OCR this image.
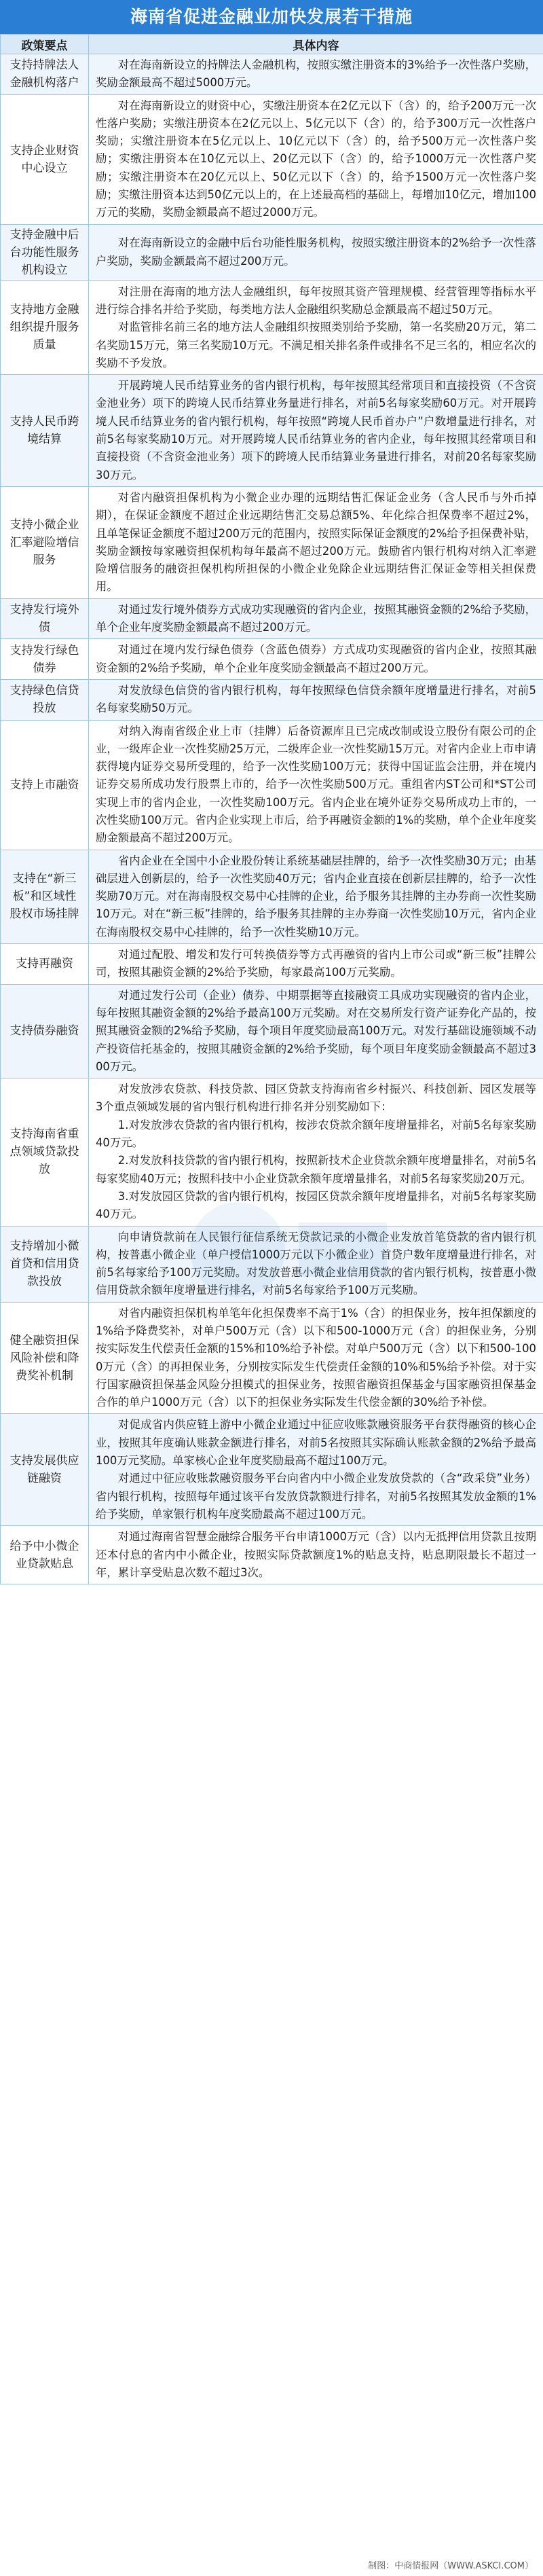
海南省促进金融业加快发展若干措施
政策要点	具体内容
支持持牌法人金融机构落户	对在海南新设立的持牌法人金融机构，按照实缴注册资本的3%给予一次性落户奖励，奖励金额最高不超过5000万元。

支持企业财资中心设立	对在海南新设立的财资中心，实缴注册资本在2亿元以下（含）的，给予200万元一次性落户奖励；实缴注册资本在2亿元以上、5亿元以下（含）的，给予300万元一次性落户奖励；实缴注册资本在5亿元以上、10亿元以下（含）的，给予500万元一次性落户奖励；实缴注册资本在10亿元以上、20亿元以下（含）的，给予1000万元一次性落户奖励；实缴注册资本在20亿元以上、50亿元以下（含）的，给予1500万元一次性落户奖励；实缴注册资本达到50亿元以上的，在上述最高档的基础上，每增加10亿元，增加100万元的奖励，奖励金额最高不超过2000万元。

支持金融中后台功能性服务机构设立	对在海南新设立的金融中后台功能性服务机构，按照实缴注册资本的2%给予一次性落户奖励，奖励金额最高不超过200万元。

支持地方金融组织提升服务质量	对注册在海南的地方法人金融组织，每年按照其资产管理规模、经营管理等指标水平进行综合排名并给予奖励，每类地方法人金融组织奖励总金额最高不超过50万元。
对监管排名前三名的地方法人金融组织按照类别给予奖励，第一名奖励20万元，第二名奖励15万元，第三名奖励10万元。不满足相关排名条件或排名不足三名的，相应名次的奖励不予发放。

支持人民币跨境结算	开展跨境人民币结算业务的省内银行机构，每年按照其经常项目和直接投资（不含资金池业务）项下的跨境人民币结算业务量进行排名，对前5名每家奖励60万元。对开展跨境人民币结算业务的省内银行机构，每年按照“跨境人民币首办户”户数增量进行排名，对前5名每家奖励10万元。对开展跨境人民币结算业务的省内企业，每年按照其经常项目和直接投资（不含资金池业务）项下的跨境人民币结算业务量进行排名，对前20名每家奖励30万元。

支持小微企业汇率避险增信服务	对省内融资担保机构为小微企业办理的远期结售汇保证金业务（含人民币与外币掉期），在保证金额度不超过企业远期结售汇交易总额5%、年化综合担保费率不超过2%，且单笔保证金额度不超过200万元的范围内，按照实际保证金额度的2%给予担保费补贴，奖励金额按每家融资担保机构每年最高不超过200万元。鼓励省内银行机构对纳入汇率避险增信服务的融资担保机构所担保的小微企业免除企业远期结售汇保证金等相关担保费用。

支持发行境外债	对通过发行境外债券方式成功实现融资的省内企业，按照其融资金额的2%给予奖励，单个企业年度奖励金额最高不超过200万元。

支持发行绿色债券	对通过在境内发行绿色债券（含蓝色债券）方式成功实现融资的省内企业，按照其融资金额的2%给予奖励，单个企业年度奖励金额最高不超过200万元。

支持绿色信贷投放	对发放绿色信贷的省内银行机构，每年按照绿色信贷余额年度增量进行排名，对前5名每家奖励50万元。

支持上市融资	对纳入海南省级企业上市（挂牌）后备资源库且已完成改制或设立股份有限公司的企业，一级库企业一次性奖励25万元，二级库企业一次性奖励15万元。对省内企业上市申请获得境内证券交易所受理的，给予一次性奖励100万元；获得中国证监会注册，并在境内证券交易所成功发行股票上市的，给予一次性奖励500万元。重组省内ST公司和*ST公司实现上市的省内企业，一次性奖励100万元。省内企业在境外证券交易所成功上市的，一次性奖励100万元。省内企业实现上市后，给予再融资金额的1%的奖励，单个企业年度奖励金额最高不超过200万元。

支持在“新三板”和区域性股权市场挂牌	省内企业在全国中小企业股份转让系统基础层挂牌的，给予一次性奖励30万元；由基础层进入创新层的，给予一次性奖励40万元；省内企业直接在创新层挂牌的，给予一次性奖励70万元。对在海南股权交易中心挂牌的企业，给予服务其挂牌的主办券商一次性奖励10万元。对在“新三板”挂牌的，给予服务其挂牌的主办券商一次性奖励10万元，省内企业在海南股权交易中心挂牌的，给予一次性奖励10万元。

支持再融资	对通过配股、增发和发行可转换债券等方式再融资的省内上市公司或“新三板”挂牌公司，按照其融资金额的2%给予奖励，每家最高100万元奖励。

支持债券融资	对通过发行公司（企业）债券、中期票据等直接融资工具成功实现融资的省内企业，每年按照其融资金额的2%给予最高100万元奖励。对在交易所发行资产证券化产品的，按照其融资金额的2%给予奖励，每个项目年度奖励最高100万元。对发行基础设施领域不动产投资信托基金的，按照其融资金额的2%给予奖励，每个项目年度奖励金额最高不超过300万元。

支持海南省重点领域贷款投放	对发放涉农贷款、科技贷款、园区贷款支持海南省乡村振兴、科技创新、园区发展等3个重点领域发展的省内银行机构进行排名并分别奖励如下：
1.对发放涉农贷款的省内银行机构，按涉农贷款余额年度增量排名，对前5名每家奖励40万元。
2.对发放科技贷款的省内银行机构，按照新技术企业贷款余额年度增量排名，对前5名每家奖励40万元；按照科技中小企业贷款余额年度增量排名，对前5名每家奖励20万元。
3.对发放园区贷款的省内银行机构，按园区贷款余额年度增量排名，对前5名每家奖励40万元。

支持增加小微首贷和信用贷款投放	向申请贷款前在人民银行征信系统无贷款记录的小微企业发放首笔贷款的省内银行机构，按普惠小微企业（单户授信1000万元以下小微企业）首贷户数年度增量进行排名，对前5名每家给予100万元奖励。对发放普惠小微企业信用贷款的省内银行机构，按普惠小微信用贷款余额年度增量进行排名，对前5名每家给予100万元奖励。

健全融资担保风险补偿和降费奖补机制	对省内融资担保机构单笔年化担保费率不高于1%（含）的担保业务，按年担保额度的1%给予降费奖补，对单户500万元（含）以下和500-1000万元（含）的担保业务，分别按实际发生代偿责任金额的15%和10%给予补偿。对单户500万元（含）以下和500-1000万元（含）的再担保业务，分别按实际发生代偿责任金额的10%和5%给予补偿。对于实行国家融资担保基金风险分担模式的担保业务，按照省融资担保基金与国家融资担保基金合作的单户1000万元（含）以下的担保业务实际发生代偿金额的30%给予补偿。

支持发展供应链融资	对促成省内供应链上游中小微企业通过中征应收账款融资服务平台获得融资的核心企业，按照其年度确认账款金额进行排名，对前5名按照其实际确认账款金额的2%给予最高100万元奖励。单家核心企业年度奖励最高不超过100万元。
对通过中征应收账款融资服务平台向省内中小微企业发放贷款的（含“政采贷”业务）省内银行机构，按照每年通过该平台发放贷款额进行排名，对前5名按照其发放金额的1%给予奖励，单家银行机构年度奖励最高不超过100万元。

给予中小微企业贷款贴息	对通过海南省智慧金融综合服务平台申请1000万元（含）以内无抵押信用贷款且按期还本付息的省内中小微企业，按照实际贷款额度1%的贴息支持，贴息期限最长不超过一年，累计享受贴息次数不超过3次。
制图：中商情报网（WWW.ASKCI.COM）
